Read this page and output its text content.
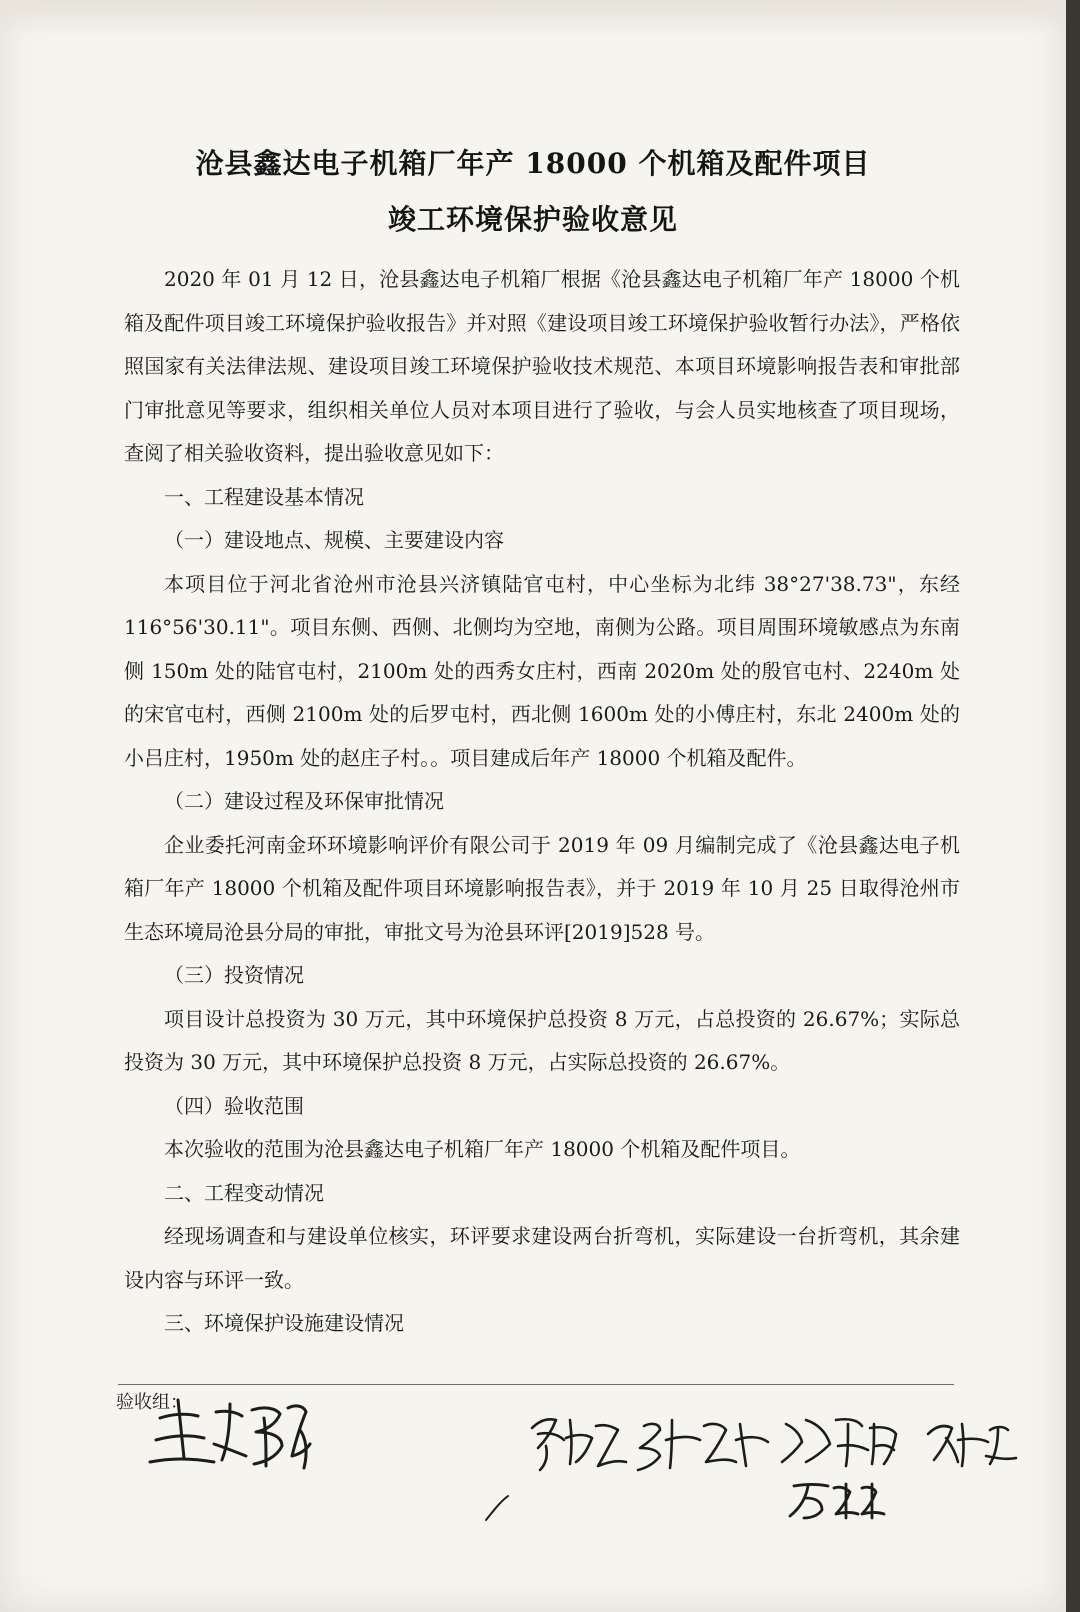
沧县鑫达电子机箱厂年产 18000 个机箱及配件项目
竣工环境保护验收意见

2020 年 01 月 12 日，沧县鑫达电子机箱厂根据《沧县鑫达电子机箱厂年产 18000 个机箱及配件项目竣工环境保护验收报告》并对照《建设项目竣工环境保护验收暂行办法》，严格依照国家有关法律法规、建设项目竣工环境保护验收技术规范、本项目环境影响报告表和审批部门审批意见等要求，组织相关单位人员对本项目进行了验收，与会人员实地核查了项目现场，查阅了相关验收资料，提出验收意见如下：

一、工程建设基本情况

（一）建设地点、规模、主要建设内容

本项目位于河北省沧州市沧县兴济镇陆官屯村，中心坐标为北纬 38°27'38.73"，东经 116°56'30.11"。项目东侧、西侧、北侧均为空地，南侧为公路。项目周围环境敏感点为东南侧 150m 处的陆官屯村，2100m 处的西秀女庄村，西南 2020m 处的殷官屯村、2240m 处的宋官屯村，西侧 2100m 处的后罗屯村，西北侧 1600m 处的小傅庄村，东北 2400m 处的小吕庄村，1950m 处的赵庄子村。。项目建成后年产 18000 个机箱及配件。

（二）建设过程及环保审批情况

企业委托河南金环环境影响评价有限公司于 2019 年 09 月编制完成了《沧县鑫达电子机箱厂年产 18000 个机箱及配件项目环境影响报告表》，并于 2019 年 10 月 25 日取得沧州市生态环境局沧县分局的审批，审批文号为沧县环评[2019]528 号。

（三）投资情况

项目设计总投资为 30 万元，其中环境保护总投资 8 万元，占总投资的 26.67%；实际总投资为 30 万元，其中环境保护总投资 8 万元，占实际总投资的 26.67%。

（四）验收范围

本次验收的范围为沧县鑫达电子机箱厂年产 18000 个机箱及配件项目。

二、工程变动情况

经现场调查和与建设单位核实，环评要求建设两台折弯机，实际建设一台折弯机，其余建设内容与环评一致。

三、环境保护设施建设情况

验收组：
